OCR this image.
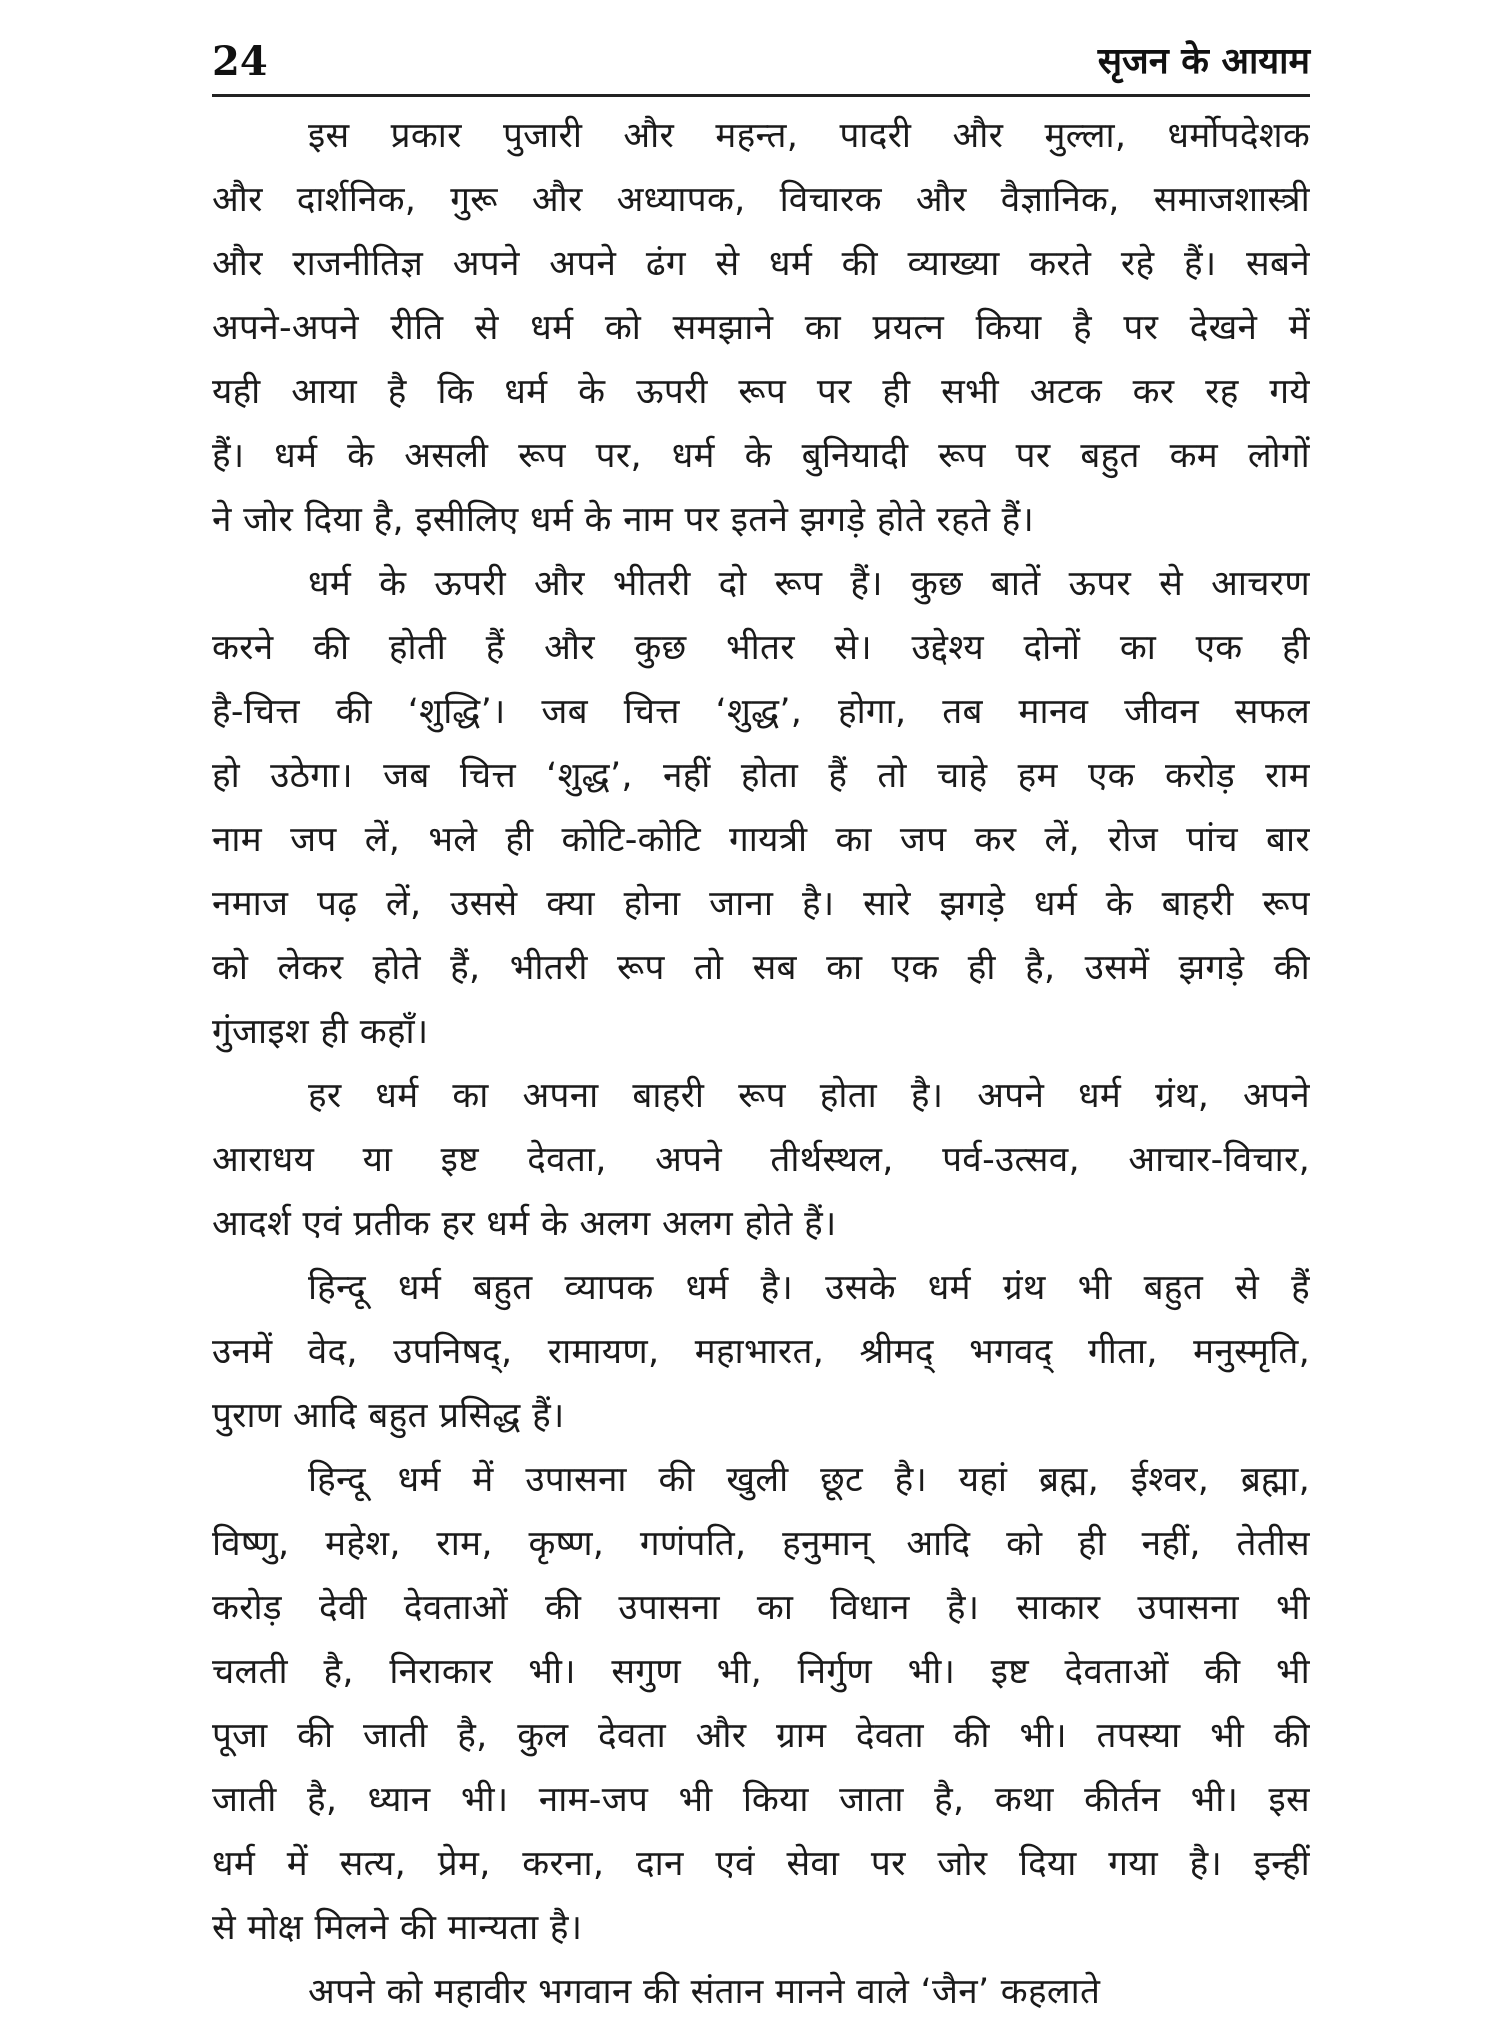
24	सृजन के आयाम
इस प्रकार पुजारी और महन्त, पादरी और मुल्ला, धर्मोपदेशक
और दार्शनिक, गुरू और अध्यापक, विचारक और वैज्ञानिक, समाजशास्त्री
और राजनीतिज्ञ अपने अपने ढंग से धर्म की व्याख्या करते रहे हैं। सबने
अपने-अपने रीति से धर्म को समझाने का प्रयत्न किया है पर देखने में
यही आया है कि धर्म के ऊपरी रूप पर ही सभी अटक कर रह गये
हैं। धर्म के असली रूप पर, धर्म के बुनियादी रूप पर बहुत कम लोगों
ने जोर दिया है, इसीलिए धर्म के नाम पर इतने झगड़े होते रहते हैं।
धर्म के ऊपरी और भीतरी दो रूप हैं। कुछ बातें ऊपर से आचरण
करने की होती हैं और कुछ भीतर से। उद्देश्य दोनों का एक ही
है-चित्त की ‘शुद्धि’। जब चित्त ‘शुद्ध’, होगा, तब मानव जीवन सफल
हो उठेगा। जब चित्त ‘शुद्ध’, नहीं होता हैं तो चाहे हम एक करोड़ राम
नाम जप लें, भले ही कोटि-कोटि गायत्री का जप कर लें, रोज पांच बार
नमाज पढ़ लें, उससे क्या होना जाना है। सारे झगड़े धर्म के बाहरी रूप
को लेकर होते हैं, भीतरी रूप तो सब का एक ही है, उसमें झगड़े की
गुंजाइश ही कहाँ।
हर धर्म का अपना बाहरी रूप होता है। अपने धर्म ग्रंथ, अपने
आराधय या इष्ट देवता, अपने तीर्थस्थल, पर्व-उत्सव, आचार-विचार,
आदर्श एवं प्रतीक हर धर्म के अलग अलग होते हैं।
हिन्दू धर्म बहुत व्यापक धर्म है। उसके धर्म ग्रंथ भी बहुत से हैं
उनमें वेद, उपनिषद्, रामायण, महाभारत, श्रीमद् भगवद् गीता, मनुस्मृति,
पुराण आदि बहुत प्रसिद्ध हैं।
हिन्दू धर्म में उपासना की खुली छूट है। यहां ब्रह्म, ईश्वर, ब्रह्मा,
विष्णु, महेश, राम, कृष्ण, गणंपति, हनुमान् आदि को ही नहीं, तेतीस
करोड़ देवी देवताओं की उपासना का विधान है। साकार उपासना भी
चलती है, निराकार भी। सगुण भी, निर्गुण भी। इष्ट देवताओं की भी
पूजा की जाती है, कुल देवता और ग्राम देवता की भी। तपस्या भी की
जाती है, ध्यान भी। नाम-जप भी किया जाता है, कथा कीर्तन भी। इस
धर्म में सत्य, प्रेम, करना, दान एवं सेवा पर जोर दिया गया है। इन्हीं
से मोक्ष मिलने की मान्यता है।
अपने को महावीर भगवान की संतान मानने वाले ‘जैन’ कहलाते
